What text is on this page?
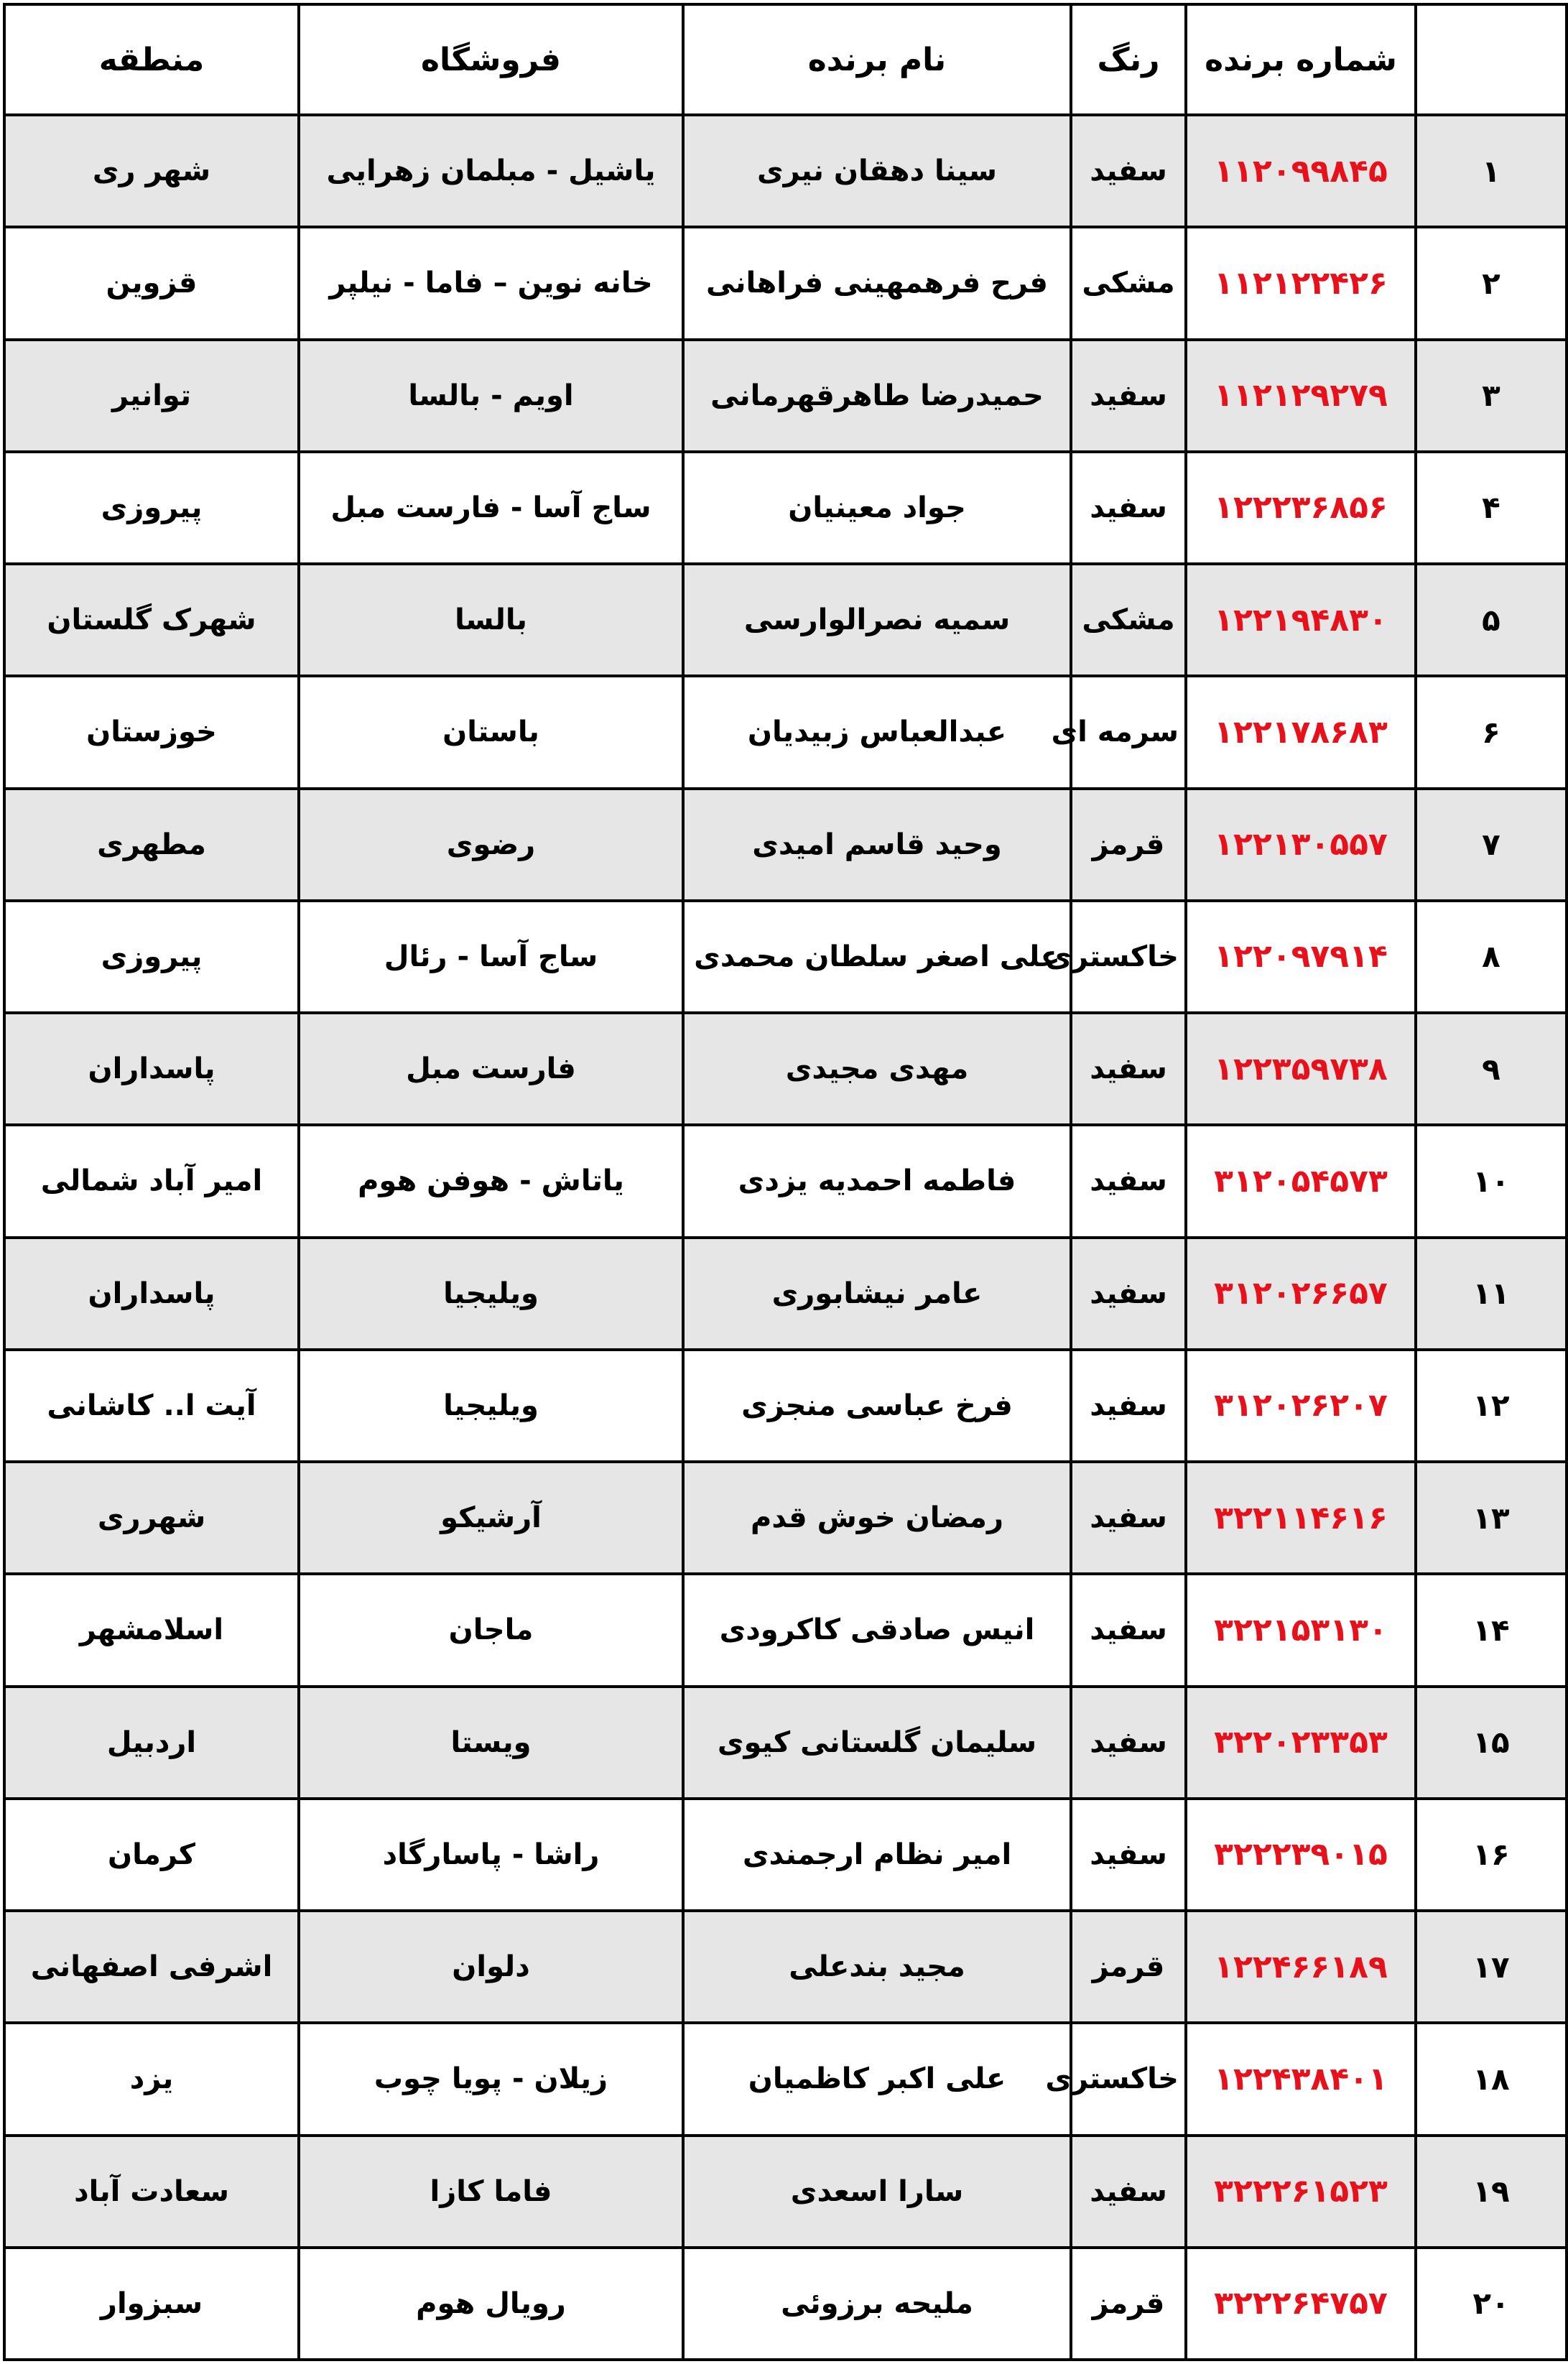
	شماره برنده	رنگ	نام برنده	فروشگاه	منطقه
۱	۱۱۲۰۹۹۸۴۵	سفید	سینا دهقان نیری	یاشیل - مبلمان زهرایی	شهر ری
۲	۱۱۲۱۲۲۴۲۶	مشکی	فرح فرهمهینی فراهانی	خانه نوین – فاما - نیلپر	قزوین
۳	۱۱۲۱۲۹۲۷۹	سفید	حمیدرضا طاهرقهرمانی	اویم - بالسا	توانیر
۴	۱۲۲۲۳۶۸۵۶	سفید	جواد معینیان	ساج آسا - فارست مبل	پیروزی
۵	۱۲۲۱۹۴۸۳۰	مشکی	سمیه نصرالوارسی	بالسا	شهرک گلستان
۶	۱۲۲۱۷۸۶۸۳	سرمه ای	عبدالعباس زبیدیان	باستان	خوزستان
۷	۱۲۲۱۳۰۵۵۷	قرمز	وحید قاسم امیدی	رضوی	مطهری
۸	۱۲۲۰۹۷۹۱۴	خاکستری	علی اصغر سلطان محمدی	ساج آسا - رئال	پیروزی
۹	۱۲۲۳۵۹۷۳۸	سفید	مهدی مجیدی	فارست مبل	پاسداران
۱۰	۳۱۲۰۵۴۵۷۳	سفید	فاطمه احمدیه یزدی	یاتاش - هوفن هوم	امیر آباد شمالی
۱۱	۳۱۲۰۲۶۶۵۷	سفید	عامر نیشابوری	ویلیجیا	پاسداران
۱۲	۳۱۲۰۲۶۲۰۷	سفید	فرخ عباسی منجزی	ویلیجیا	آیت ا.. کاشانی
۱۳	۳۲۲۱۱۴۶۱۶	سفید	رمضان خوش قدم	آرشیکو	شهرری
۱۴	۳۲۲۱۵۳۱۳۰	سفید	انیس صادقی کاکرودی	ماجان	اسلامشهر
۱۵	۳۲۲۰۲۳۳۵۳	سفید	سلیمان گلستانی کیوی	ویستا	اردبیل
۱۶	۳۲۲۲۳۹۰۱۵	سفید	امیر نظام ارجمندی	راشا - پاسارگاد	کرمان
۱۷	۱۲۲۴۶۶۱۸۹	قرمز	مجید بندعلی	دلوان	اشرفی اصفهانی
۱۸	۱۲۲۴۳۸۴۰۱	خاکستری	علی اکبر کاظمیان	زیلان - پویا چوب	یزد
۱۹	۳۲۲۲۶۱۵۲۳	سفید	سارا اسعدی	فاما کازا	سعادت آباد
۲۰	۳۲۲۲۶۴۷۵۷	قرمز	ملیحه برزوئی	رویال هوم	سبزوار
